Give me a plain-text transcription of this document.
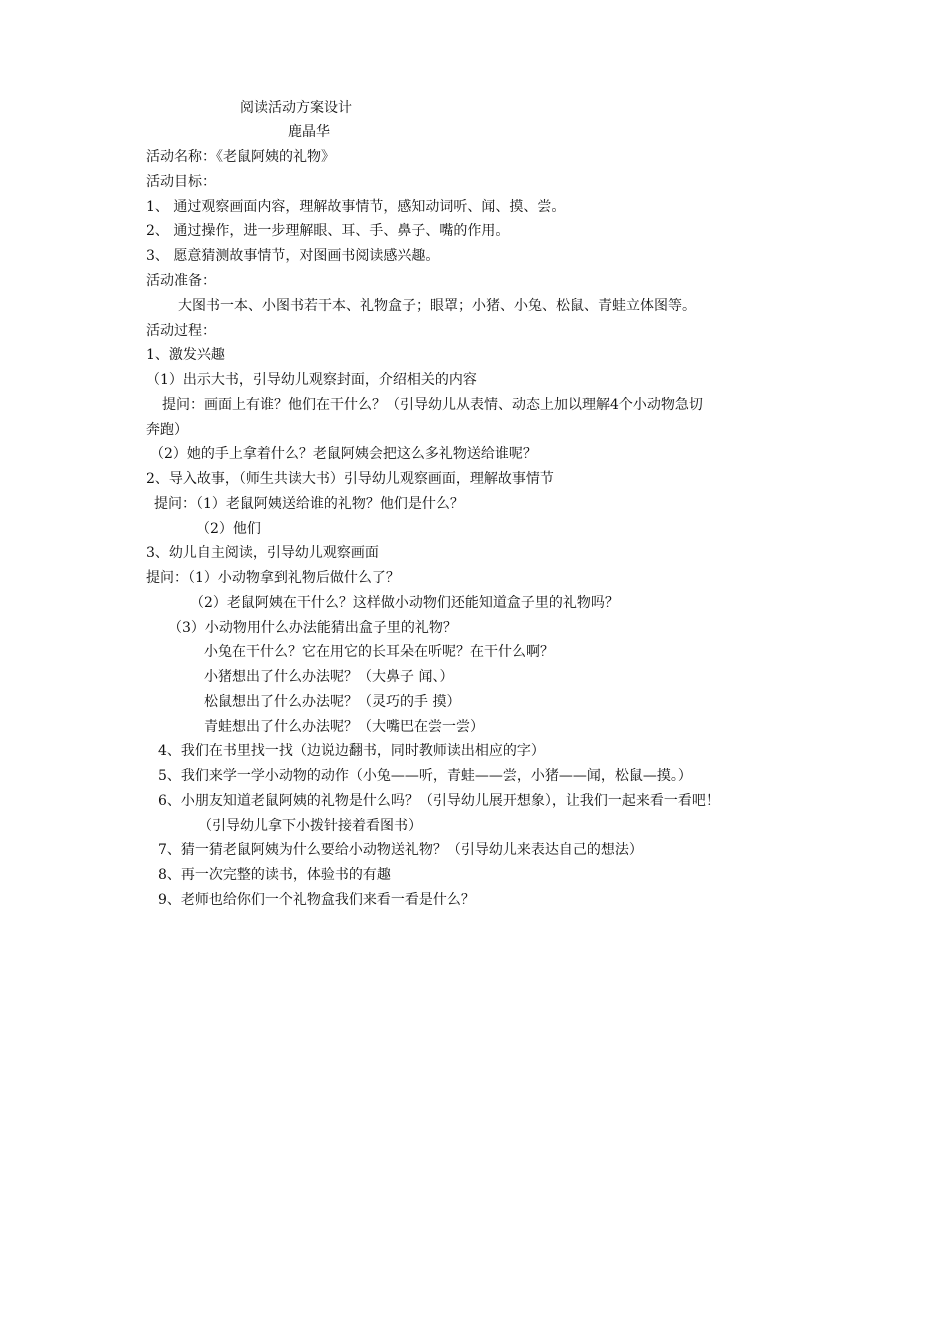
阅读活动方案设计
鹿晶华
活动名称：《老鼠阿姨的礼物》
活动目标：
1、 通过观察画面内容，理解故事情节，感知动词听、闻、摸、尝。
2、 通过操作，进一步理解眼、耳、手、鼻子、嘴的作用。
3、 愿意猜测故事情节，对图画书阅读感兴趣。
活动准备：
大图书一本、小图书若干本、礼物盒子；眼罩；小猪、小兔、松鼠、青蛙立体图等。
活动过程：
1、激发兴趣
（1）出示大书，引导幼儿观察封面，介绍相关的内容
提问：画面上有谁？他们在干什么？（引导幼儿从表情、动态上加以理解4个小动物急切
奔跑）
（2）她的手上拿着什么？老鼠阿姨会把这么多礼物送给谁呢？
2、导入故事，（师生共读大书）引导幼儿观察画面，理解故事情节
提问：（1）老鼠阿姨送给谁的礼物？他们是什么？
（2）他们
3、幼儿自主阅读，引导幼儿观察画面
提问：（1）小动物拿到礼物后做什么了？
（2）老鼠阿姨在干什么？这样做小动物们还能知道盒子里的礼物吗？
（3）小动物用什么办法能猜出盒子里的礼物？
小兔在干什么？它在用它的长耳朵在听呢？在干什么啊？
小猪想出了什么办法呢？（大鼻子 闻、）
松鼠想出了什么办法呢？（灵巧的手 摸）
青蛙想出了什么办法呢？（大嘴巴在尝一尝）
4、我们在书里找一找（边说边翻书，同时教师读出相应的字）
5、我们来学一学小动物的动作（小兔——听，青蛙——尝，小猪——闻，松鼠—摸。）
6、小朋友知道老鼠阿姨的礼物是什么吗？（引导幼儿展开想象），让我们一起来看一看吧！
（引导幼儿拿下小拨针接着看图书）
7、猜一猜老鼠阿姨为什么要给小动物送礼物？（引导幼儿来表达自己的想法）
8、再一次完整的读书，体验书的有趣
9、老师也给你们一个礼物盒我们来看一看是什么？
